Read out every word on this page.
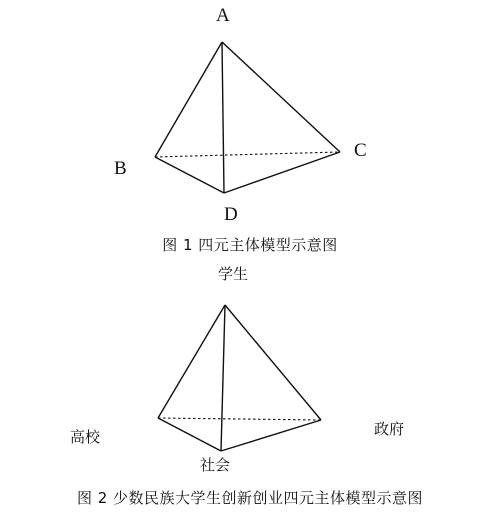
A
B
C
D
图 1 四元主体模型示意图
学生
高校	政府
社会
图 2 少数民族大学生创新创业四元主体模型示意图
